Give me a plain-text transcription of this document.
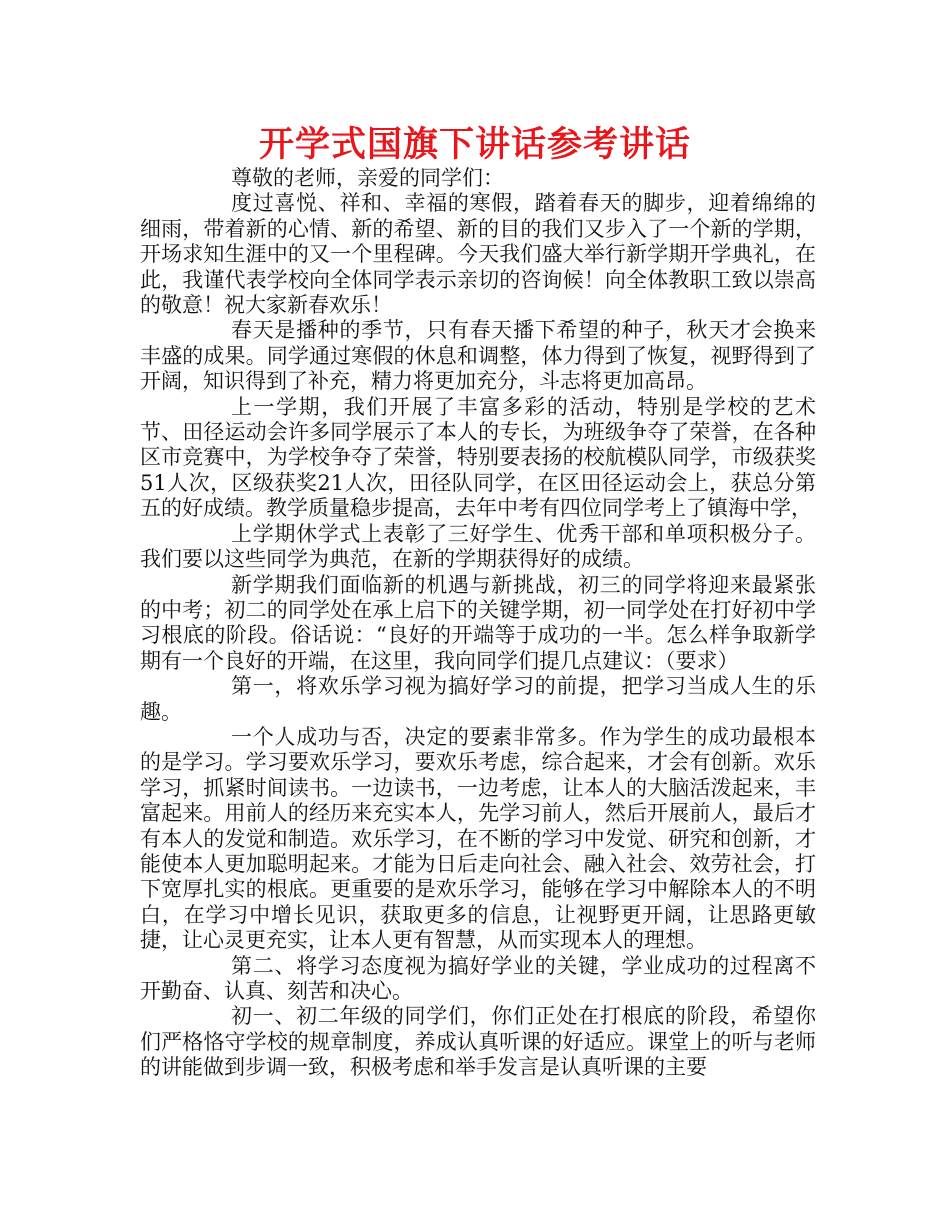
开学式国旗下讲话参考讲话

尊敬的老师，亲爱的同学们：

度过喜悦、祥和、幸福的寒假，踏着春天的脚步，迎着绵绵的细雨，带着新的心情、新的希望、新的目的我们又步入了一个新的学期，开场求知生涯中的又一个里程碑。今天我们盛大举行新学期开学典礼，在此，我谨代表学校向全体同学表示亲切的咨询候！向全体教职工致以崇高的敬意！祝大家新春欢乐！

春天是播种的季节，只有春天播下希望的种子，秋天才会换来丰盛的成果。同学通过寒假的休息和调整，体力得到了恢复，视野得到了开阔，知识得到了补充，精力将更加充分，斗志将更加高昂。

上一学期，我们开展了丰富多彩的活动，特别是学校的艺术节、田径运动会许多同学展示了本人的专长，为班级争夺了荣誉，在各种区市竞赛中，为学校争夺了荣誉，特别要表扬的校航模队同学，市级获奖51人次，区级获奖21人次，田径队同学，在区田径运动会上，获总分第五的好成绩。教学质量稳步提高，去年中考有四位同学考上了镇海中学，

上学期休学式上表彰了三好学生、优秀干部和单项积极分子。我们要以这些同学为典范，在新的学期获得好的成绩。

新学期我们面临新的机遇与新挑战，初三的同学将迎来最紧张的中考；初二的同学处在承上启下的关键学期，初一同学处在打好初中学习根底的阶段。俗话说：“良好的开端等于成功的一半。怎么样争取新学期有一个良好的开端，在这里，我向同学们提几点建议：（要求）

第一，将欢乐学习视为搞好学习的前提，把学习当成人生的乐趣。

一个人成功与否，决定的要素非常多。作为学生的成功最根本的是学习。学习要欢乐学习，要欢乐考虑，综合起来，才会有创新。欢乐学习，抓紧时间读书。一边读书，一边考虑，让本人的大脑活泼起来，丰富起来。用前人的经历来充实本人，先学习前人，然后开展前人，最后才有本人的发觉和制造。欢乐学习，在不断的学习中发觉、研究和创新，才能使本人更加聪明起来。才能为日后走向社会、融入社会、效劳社会，打下宽厚扎实的根底。更重要的是欢乐学习，能够在学习中解除本人的不明白，在学习中增长见识，获取更多的信息，让视野更开阔，让思路更敏捷，让心灵更充实，让本人更有智慧，从而实现本人的理想。

第二、将学习态度视为搞好学业的关键，学业成功的过程离不开勤奋、认真、刻苦和决心。

初一、初二年级的同学们，你们正处在打根底的阶段，希望你们严格恪守学校的规章制度，养成认真听课的好适应。课堂上的听与老师的讲能做到步调一致，积极考虑和举手发言是认真听课的主要
